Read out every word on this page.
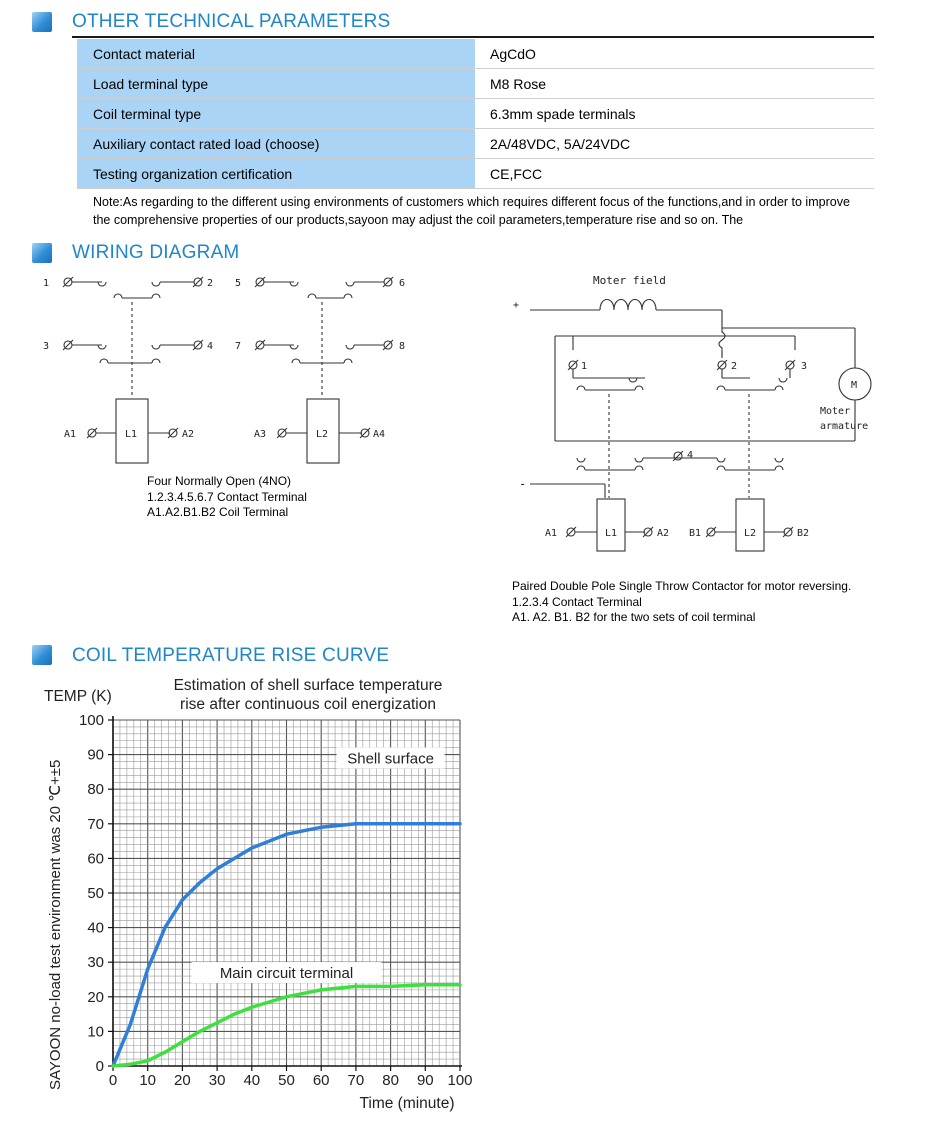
OTHER TECHNICAL PARAMETERS
Contact material	AgCdO
Load terminal type	M8 Rose
Coil terminal type	6.3mm spade terminals
Auxiliary contact rated load (choose)	2A/48VDC, 5A/24VDC
Testing organization certification	CE,FCC
Note:As regarding to the different using environments of customers which requires different focus of the functions,and in order to improve the comprehensive properties of our products,sayoon may adjust the coil parameters,temperature rise and so on. The
WIRING DIAGRAM
1	2 5	6
3	4 7	8
A1	A2	A3	A4
L1	L2
Four Normally Open (4NO)
1.2.3.4.5.6.7 Contact Terminal
A1.A2.B1.B2 Coil Terminal
Moter field
+
-
M
Moter
armature
1	2	3
4
A1	A2 B1	B2
L1	L2
Paired Double Pole Single Throw Contactor for motor reversing.
1.2.3.4 Contact Terminal
A1. A2. B1. B2 for the two sets of coil terminal
COIL TEMPERATURE RISE CURVE
0 10 20 30 40 50 60 70 80 90 100
0
10
20
30
40
50
60
70
80
90
100
Shell surface
Main circuit terminal
Estimation of shell surface temperature
rise after continuous coil energization
TEMP (K)
Time (minute)
SAYOON no-load test environment was 20 ℃+±5
